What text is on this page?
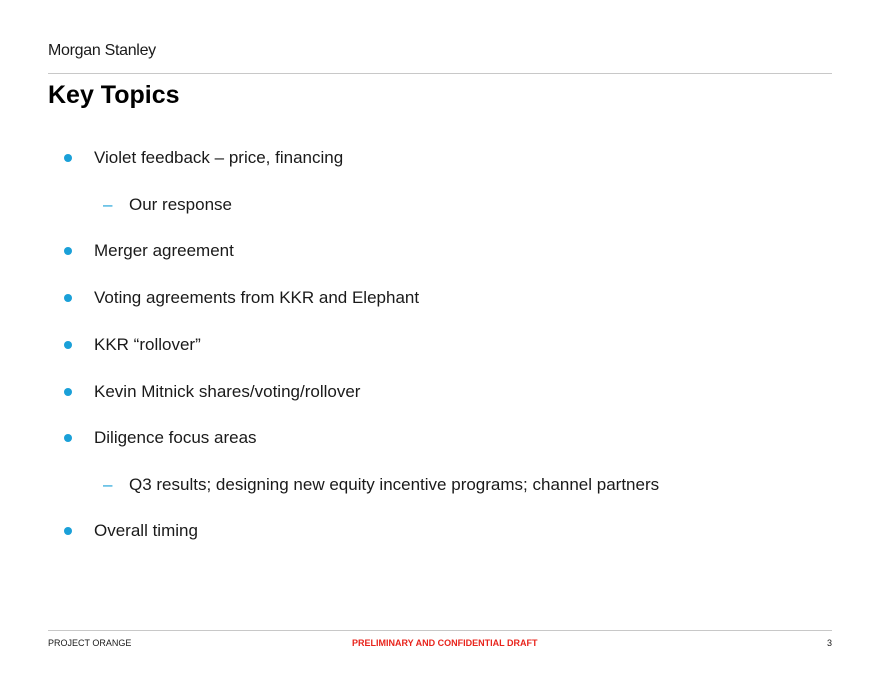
Morgan Stanley
Key Topics
Violet feedback – price, financing
– Our response
Merger agreement
Voting agreements from KKR and Elephant
KKR “rollover”
Kevin Mitnick shares/voting/rollover
Diligence focus areas
– Q3 results; designing new equity incentive programs; channel partners
Overall timing
PROJECT ORANGE	PRELIMINARY AND CONFIDENTIAL DRAFT	3
